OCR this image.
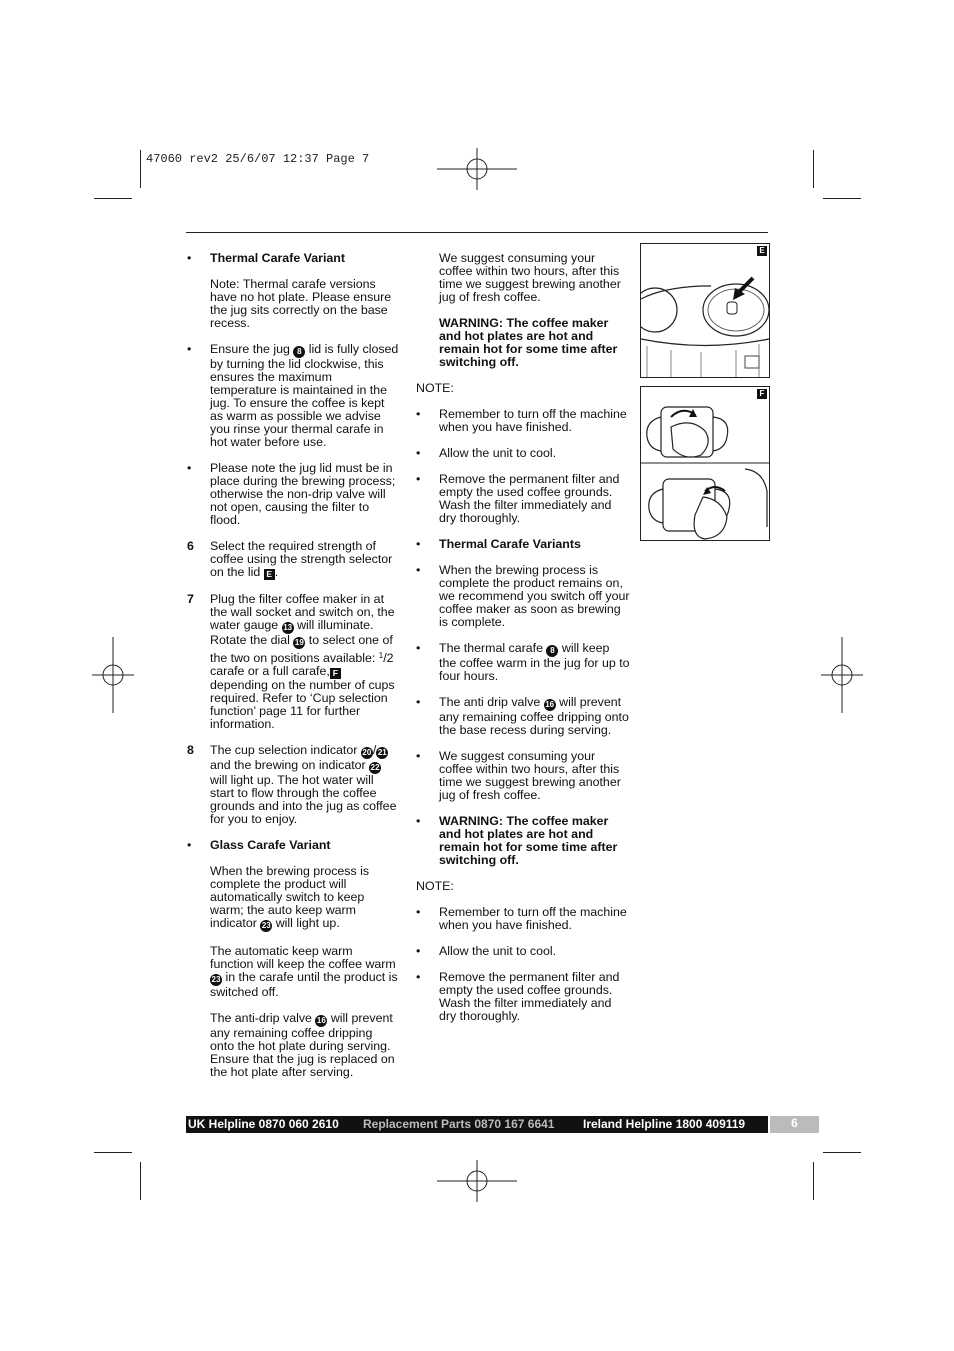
47060 rev2 25/6/07 12:37 Page 7
•	Thermal Carafe Variant
Note: Thermal carafe versions have no hot plate. Please ensure the jug sits correctly on the base recess.
•	Ensure the jug 8 lid is fully closed by turning the lid clockwise, this ensures the maximum temperature is maintained in the jug. To ensure the coffee is kept as warm as possible we advise you rinse your thermal carafe in hot water before use.
•	Please note the jug lid must be in place during the brewing process; otherwise the non-drip valve will not open, causing the filter to flood.
6	Select the required strength of coffee using the strength selector on the lid E .
7	Plug the filter coffee maker in at the wall socket and switch on, the water gauge 13 will illuminate. Rotate the dial 19 to select one of the two on positions available: $^1$/2 carafe or a full carafe, F depending on the number of cups required. Refer to ‘Cup selection function’ page 11 for further information.
8	The cup selection indicator 20 / 21 and the brewing on indicator 22 will light up. The hot water will start to flow through the coffee grounds and into the jug as coffee for you to enjoy.
•	Glass Carafe Variant
When the brewing process is complete the product will automatically switch to keep warm; the auto keep warm indicator 23 will light up.
The automatic keep warm function will keep the coffee warm 23 in the carafe until the product is switched off.
The anti-drip valve 16 will prevent any remaining coffee dripping onto the hot plate during serving. Ensure that the jug is replaced on the hot plate after serving.
We suggest consuming your coffee within two hours, after this time we suggest brewing another jug of fresh coffee.
WARNING: The coffee maker and hot plates are hot and remain hot for some time after switching off.
NOTE:
•	Remember to turn off the machine when you have finished.
•	Allow the unit to cool.
•	Remove the permanent filter and empty the used coffee grounds. Wash the filter immediately and dry thoroughly.
•	Thermal Carafe Variants
•	When the brewing process is complete the product remains on, we recommend you switch off your coffee maker as soon as brewing is complete.
•	The thermal carafe 8 will keep the coffee warm in the jug for up to four hours.
•	The anti drip valve 16 will prevent any remaining coffee dripping onto the base recess during serving.
•	We suggest consuming your coffee within two hours, after this time we suggest brewing another jug of fresh coffee.
•	WARNING: The coffee maker and hot plates are hot and remain hot for some time after switching off.
NOTE:
•	Remember to turn off the machine when you have finished.
•	Allow the unit to cool.
•	Remove the permanent filter and empty the used coffee grounds. Wash the filter immediately and dry thoroughly.
E
F
UK Helpline 0870 060 2610 Replacement Parts 0870 167 6641 Ireland Helpline 1800 409119	6
